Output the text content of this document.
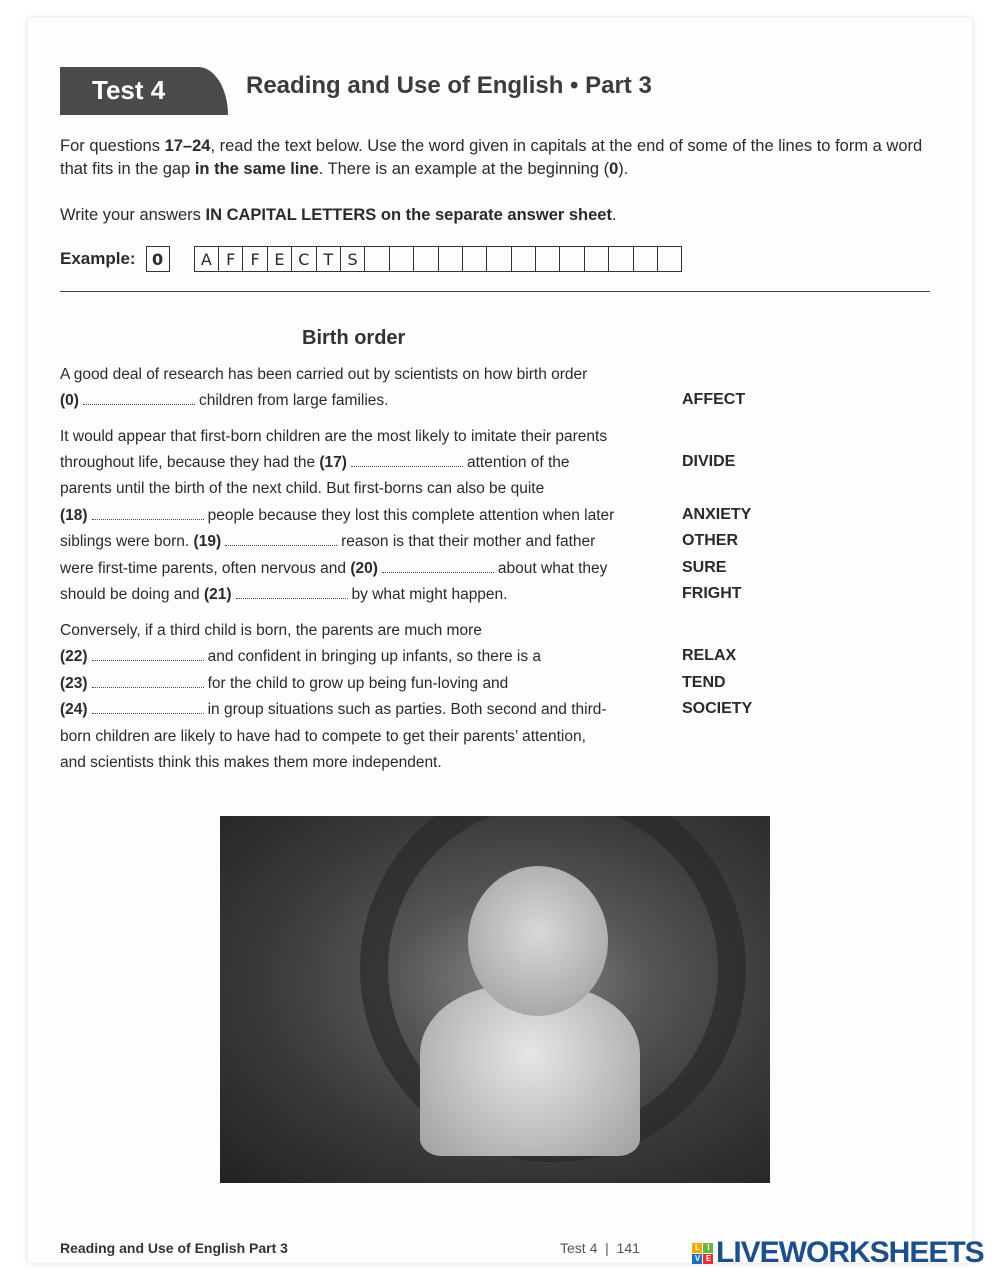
Test 4	Reading and Use of English • Part 3
For questions 17–24, read the text below. Use the word given in capitals at the end of some of the lines to form a word that fits in the gap in the same line. There is an example at the beginning (0).
Write your answers IN CAPITAL LETTERS on the separate answer sheet.
Example:	0	A F F E C T S
Birth order
A good deal of research has been carried out by scientists on how birth order
(0)	children from large families.	AFFECT
It would appear that first-born children are the most likely to imitate their parents
throughout life, because they had the (17)	attention of the	DIVIDE
parents until the birth of the next child. But first-borns can also be quite
(18)	people because they lost this complete attention when later	ANXIETY
siblings were born. (19)	reason is that their mother and father	OTHER
were first-time parents, often nervous and (20)	about what they	SURE
should be doing and (21)	by what might happen.	FRIGHT
Conversely, if a third child is born, the parents are much more
(22)	and confident in bringing up infants, so there is a	RELAX
(23)	for the child to grow up being fun-loving and	TEND
(24)	in group situations such as parties. Both second and third-	SOCIETY
born children are likely to have had to compete to get their parents’ attention,
and scientists think this makes them more independent.
Reading and Use of English Part 3	Test 4  |  141	L	I
V E LIVEWORKSHEETS
